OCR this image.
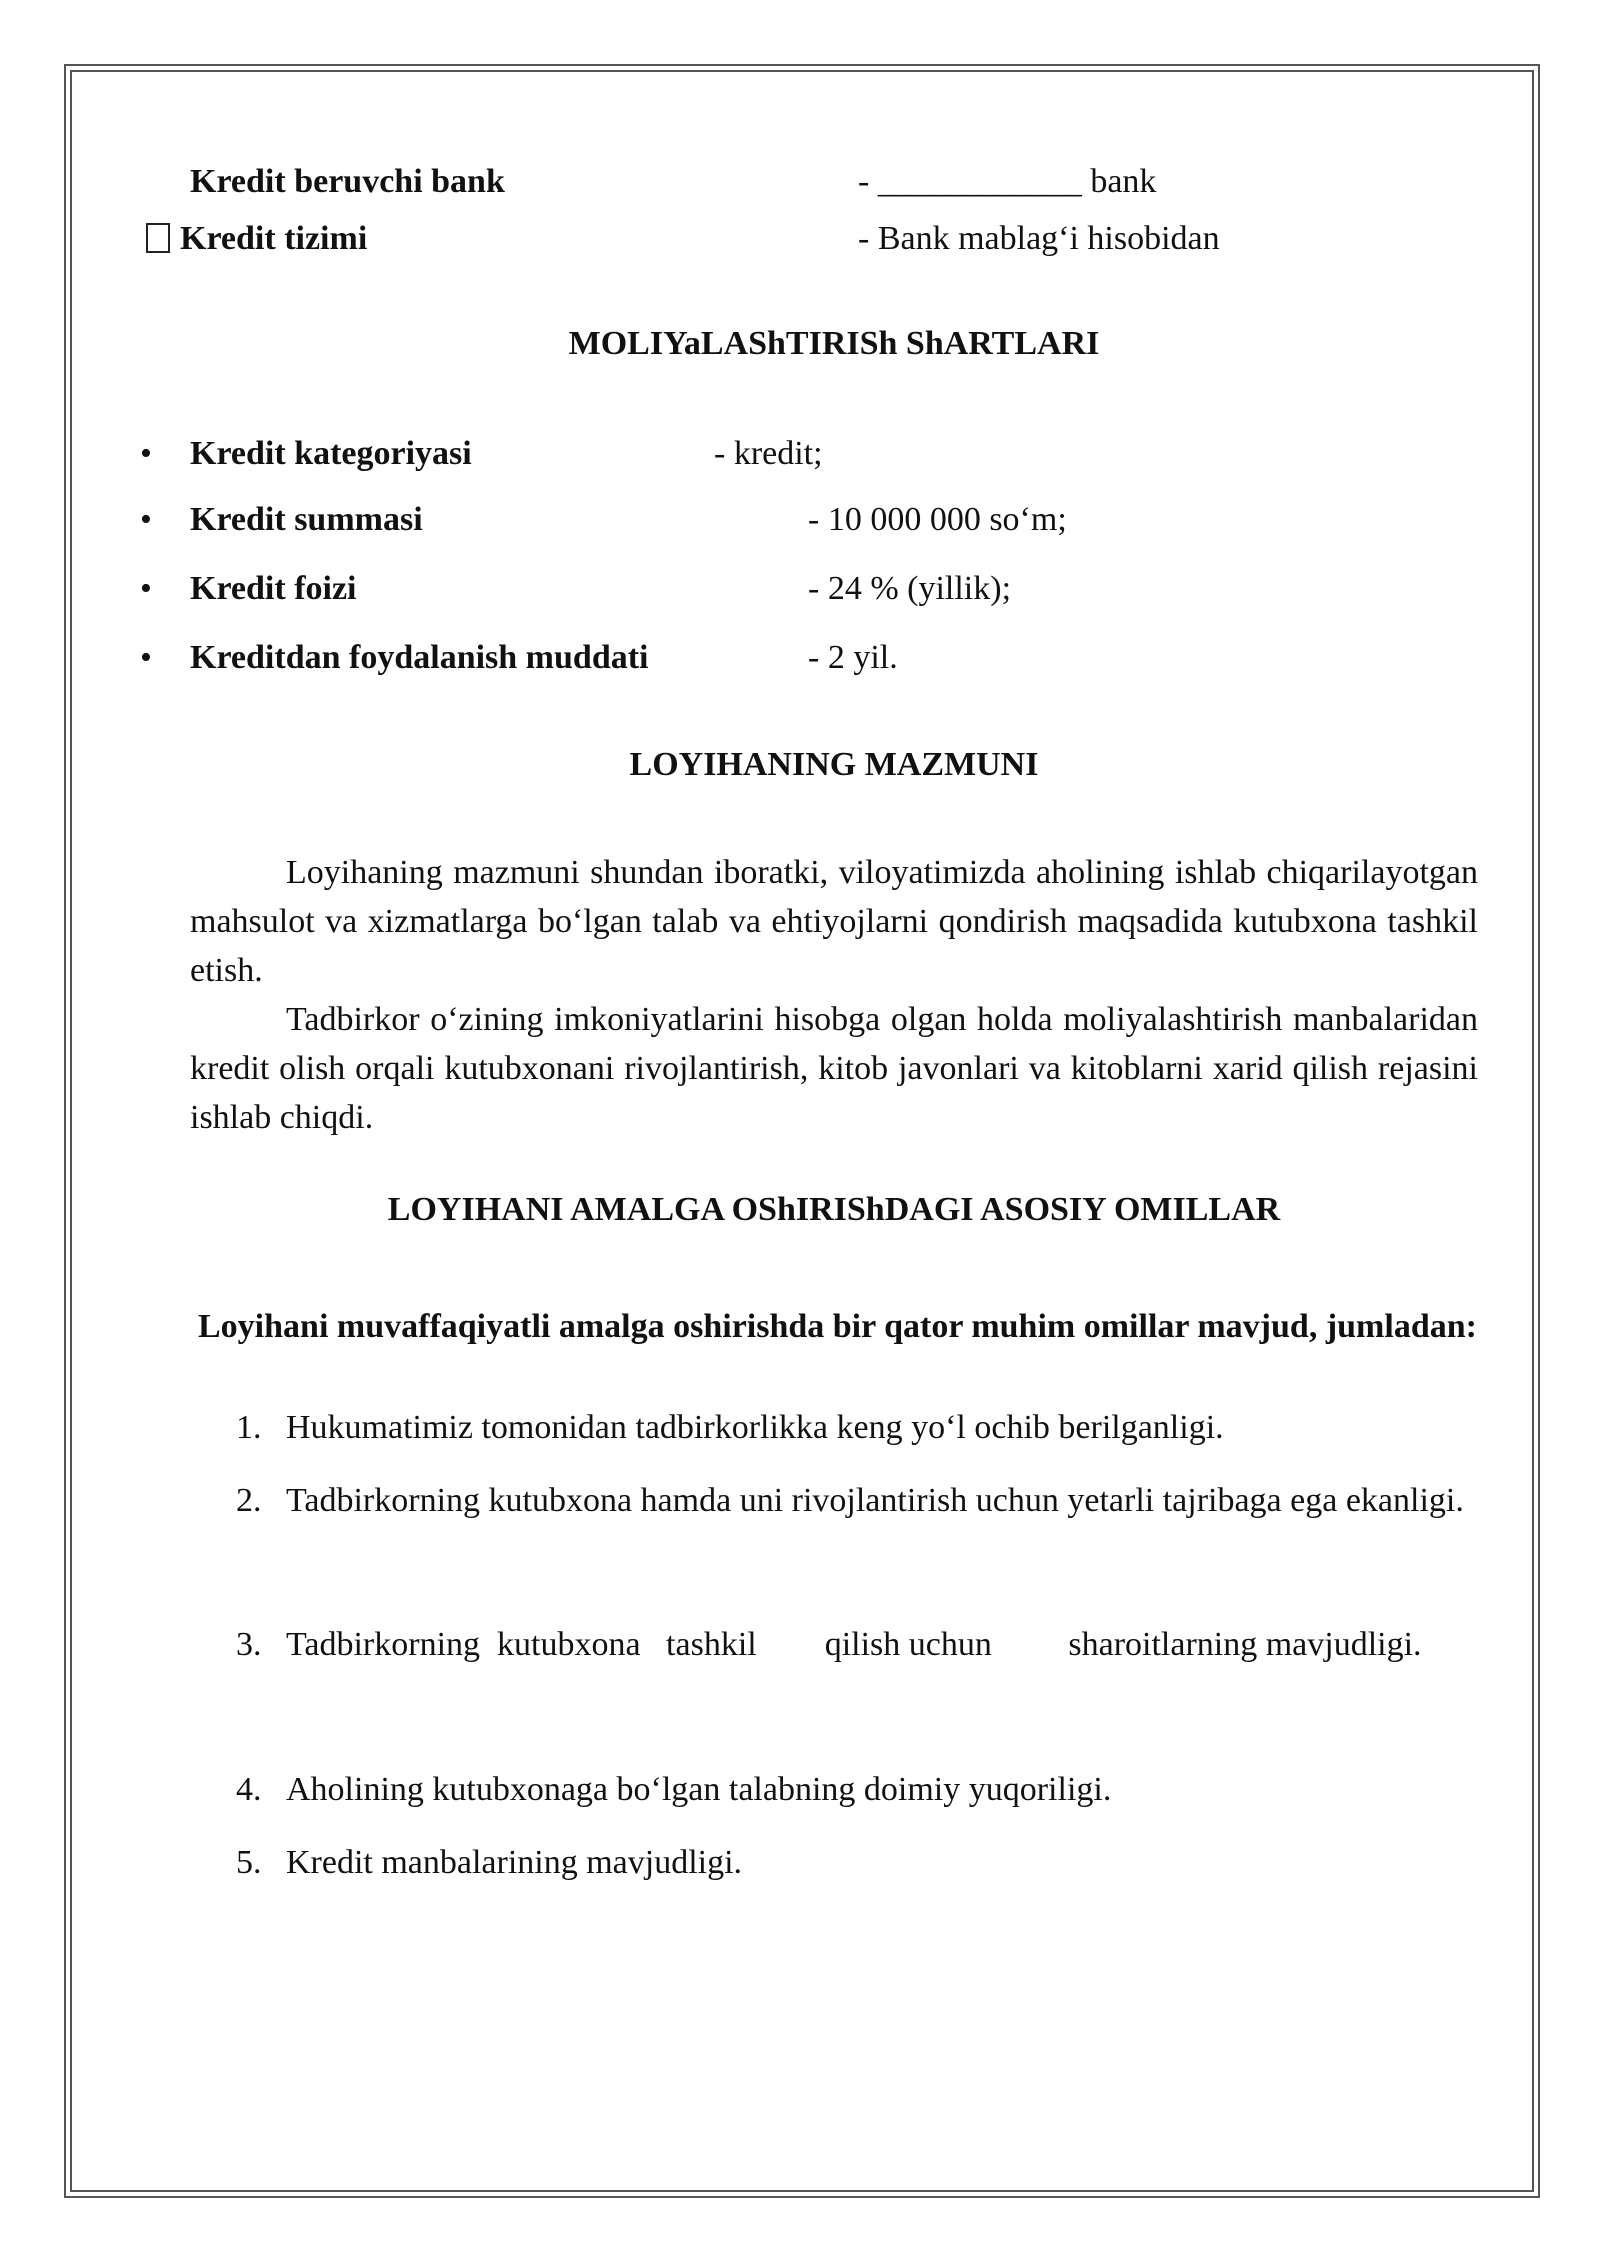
Kredit beruvchi bank	- ____________ bank
Kredit tizimi	- Bank mablag‘i hisobidan
MOLIYaLAShTIRISh ShARTLARI
• Kredit kategoriyasi	- kredit;
• Kredit summasi	- 10 000 000 so‘m;
• Kredit foizi	- 24 % (yillik);
• Kreditdan foydalanish muddati	- 2 yil.
LOYIHANING MAZMUNI
Loyihaning mazmuni shundan iboratki, viloyatimizda aholining ishlab chiqarilayotgan mahsulot va xizmatlarga bo‘lgan talab va ehtiyojlarni qondirish maqsadida kutubxona tashkil etish.
Tadbirkor o‘zining imkoniyatlarini hisobga olgan holda moliyalashtirish manbalaridan kredit olish orqali kutubxonani rivojlantirish, kitob javonlari va kitoblarni xarid qilish rejasini ishlab chiqdi.
LOYIHANI AMALGA OShIRIShDAGI ASOSIY OMILLAR
Loyihani muvaffaqiyatli amalga oshirishda bir qator muhim omillar mavjud, jumladan:
1. Hukumatimiz tomonidan tadbirkorlikka keng yo‘l ochib berilganligi.
2. Tadbirkorning kutubxona hamda uni rivojlantirish uchun yetarli tajribaga ega ekanligi.
3. Tadbirkorning  kutubxona   tashkil        qilish uchun         sharoitlarning mavjudligi.
4. Aholining kutubxonaga bo‘lgan talabning doimiy yuqoriligi.
5. Kredit manbalarining mavjudligi.
